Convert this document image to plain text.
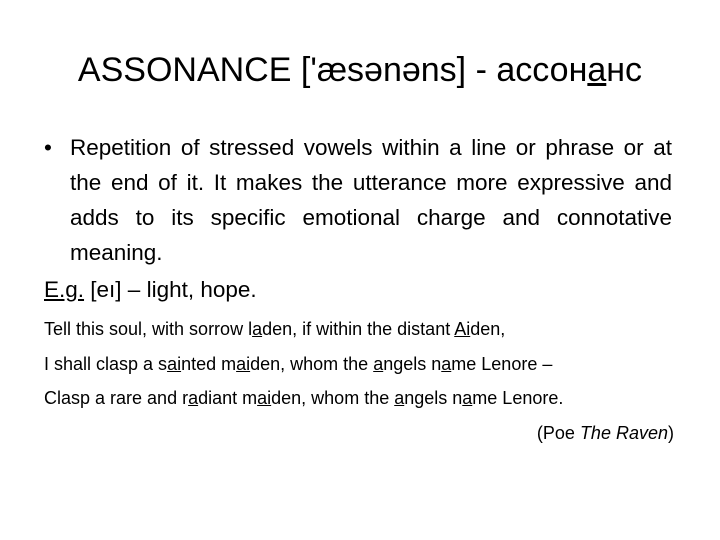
ASSONANCE ['æsənəns] - ассонанс
• Repetition of stressed vowels within a line or phrase or at the end of it. It makes the utterance more expressive and adds to its specific emotional charge and connotative meaning.
E.g. [eı] – light, hope.
Tell this soul, with sorrow laden, if within the distant Aiden,
I shall clasp a sainted maiden, whom the angels name Lenore –
Clasp a rare and radiant maiden, whom the angels name Lenore.
(Poe The Raven)
